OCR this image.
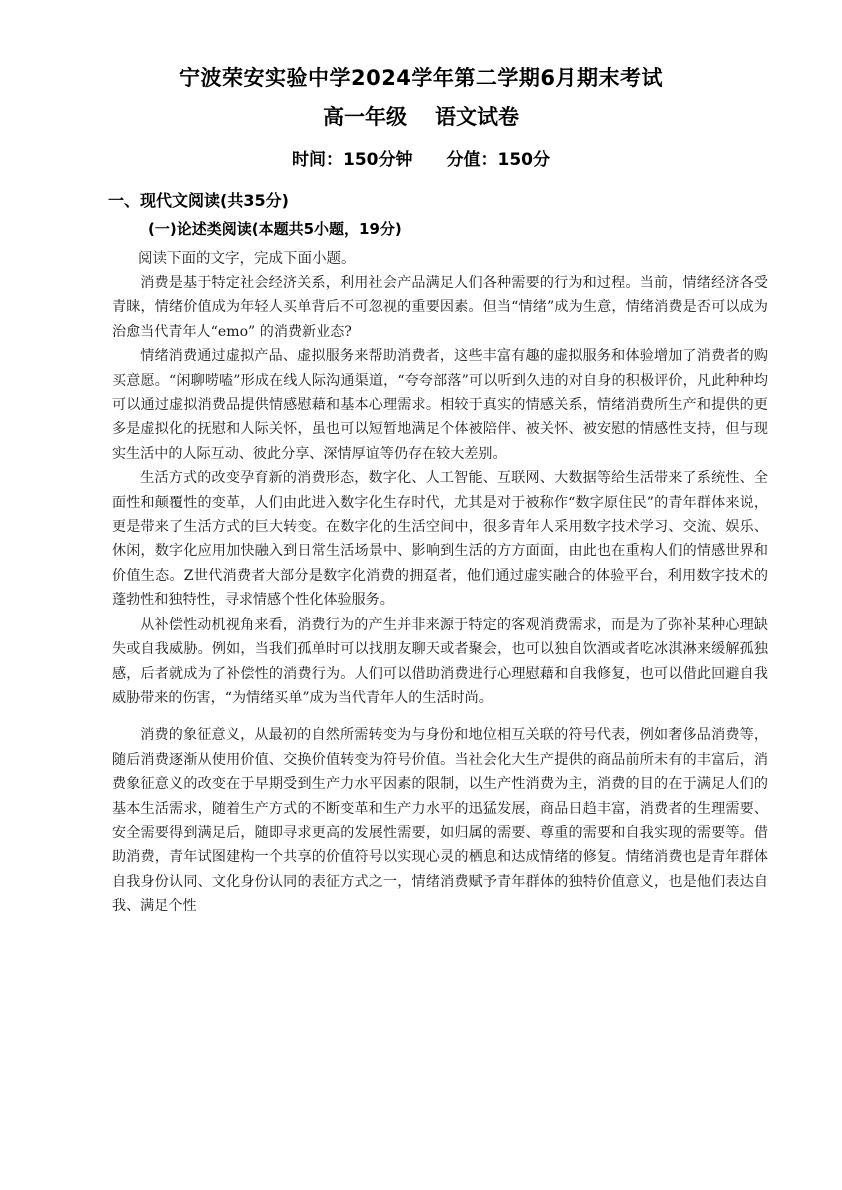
宁波荣安实验中学2024学年第二学期6月期末考试
高一年级 语文试卷
时间：150分钟 分值：150分
一、现代文阅读(共35分)
(一)论述类阅读(本题共5小题，19分)
阅读下面的文字，完成下面小题。

消费是基于特定社会经济关系，利用社会产品满足人们各种需要的行为和过程。当前，情绪经济各受青睐，情绪价值成为年轻人买单背后不可忽视的重要因素。但当“情绪”成为生意，情绪消费是否可以成为治愈当代青年人“emo” 的消费新业态?

情绪消费通过虚拟产品、虚拟服务来帮助消费者，这些丰富有趣的虚拟服务和体验增加了消费者的购买意愿。“闲聊唠嗑”形成在线人际沟通渠道，“夸夸部落”可以听到久违的对自身的积极评价，凡此种种均可以通过虚拟消费品提供情感慰藉和基本心理需求。相较于真实的情感关系，情绪消费所生产和提供的更多是虚拟化的抚慰和人际关怀，虽也可以短暂地满足个体被陪伴、被关怀、被安慰的情感性支持，但与现实生活中的人际互动、彼此分享、深情厚谊等仍存在较大差别。

生活方式的改变孕育新的消费形态，数字化、人工智能、互联网、大数据等给生活带来了系统性、全面性和颠覆性的变革，人们由此进入数字化生存时代，尤其是对于被称作“数字原住民”的青年群体来说，更是带来了生活方式的巨大转变。在数字化的生活空间中，很多青年人采用数字技术学习、交流、娱乐、休闲，数字化应用加快融入到日常生活场景中、影响到生活的方方面面，由此也在重构人们的情感世界和价值生态。Z世代消费者大部分是数字化消费的拥趸者，他们通过虚实融合的体验平台，利用数字技术的蓬勃性和独特性，寻求情感个性化体验服务。

从补偿性动机视角来看，消费行为的产生并非来源于特定的客观消费需求，而是为了弥补某种心理缺失或自我威胁。例如，当我们孤单时可以找朋友聊天或者聚会，也可以独自饮酒或者吃冰淇淋来缓解孤独感，后者就成为了补偿性的消费行为。人们可以借助消费进行心理慰藉和自我修复，也可以借此回避自我威胁带来的伤害，“为情绪买单”成为当代青年人的生活时尚。

消费的象征意义，从最初的自然所需转变为与身份和地位相互关联的符号代表，例如奢侈品消费等，随后消费逐渐从使用价值、交换价值转变为符号价值。当社会化大生产提供的商品前所未有的丰富后，消费象征意义的改变在于早期受到生产力水平因素的限制，以生产性消费为主，消费的目的在于满足人们的基本生活需求，随着生产方式的不断变革和生产力水平的迅猛发展，商品日趋丰富，消费者的生理需要、安全需要得到满足后，随即寻求更高的发展性需要，如归属的需要、尊重的需要和自我实现的需要等。借助消费，青年试图建构一个共享的价值符号以实现心灵的栖息和达成情绪的修复。情绪消费也是青年群体自我身份认同、文化身份认同的表征方式之一，情绪消费赋予青年群体的独特价值意义，也是他们表达自我、满足个性
